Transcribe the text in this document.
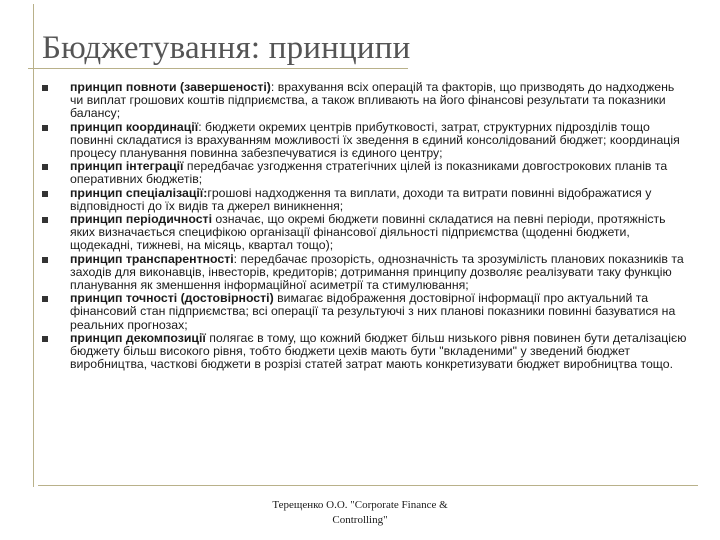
Бюджетування: принципи
принцип повноти (завершеності): врахування всіх операцій та факторів, що призводять до надходжень чи виплат грошових коштів підприємства, а також впливають на його фінансові результати та показники балансу;
принцип координації: бюджети окремих центрів прибутковості, затрат, структурних підрозділів тощо повинні складатися із врахуванням можливості їх зведення в єдиний консолідований бюджет; координація процесу планування повинна забезпечуватися із єдиного центру;
принцип інтеграції передбачає узгодження стратегічних цілей із показниками довгострокових планів та оперативних бюджетів;
принцип спеціалізації:грошові надходження та виплати, доходи та витрати повинні відображатися у відповідності до їх видів та джерел виникнення;
принцип періодичності означає, що окремі бюджети повинні складатися на певні періоди, протяжність яких визначається специфікою організації фінансової діяльності підприємства (щоденні бюджети, щодекадні, тижневі, на місяць, квартал тощо);
принцип транспарентності: передбачає прозорість, однозначність та зрозумілість планових показників та заходів для виконавців, інвесторів, кредиторів; дотримання принципу дозволяє реалізувати таку функцію планування як зменшення інформаційної асиметрії та стимулювання;
принцип точності (достовірності) вимагає відображення достовірної інформації про актуальний та фінансовий стан підприємства; всі операції та результуючі з них планові показники повинні базуватися на реальних прогнозах;
принцип декомпозиції полягає в тому, що кожний бюджет більш низького рівня повинен бути деталізацією бюджету більш високого рівня, тобто бюджети цехів мають бути "вкладеними" у зведений бюджет виробництва, часткові бюджети в розрізі статей затрат мають конкретизувати бюджет виробництва тощо.
Терещенко О.О. "Corporate Finance &
Controlling"
